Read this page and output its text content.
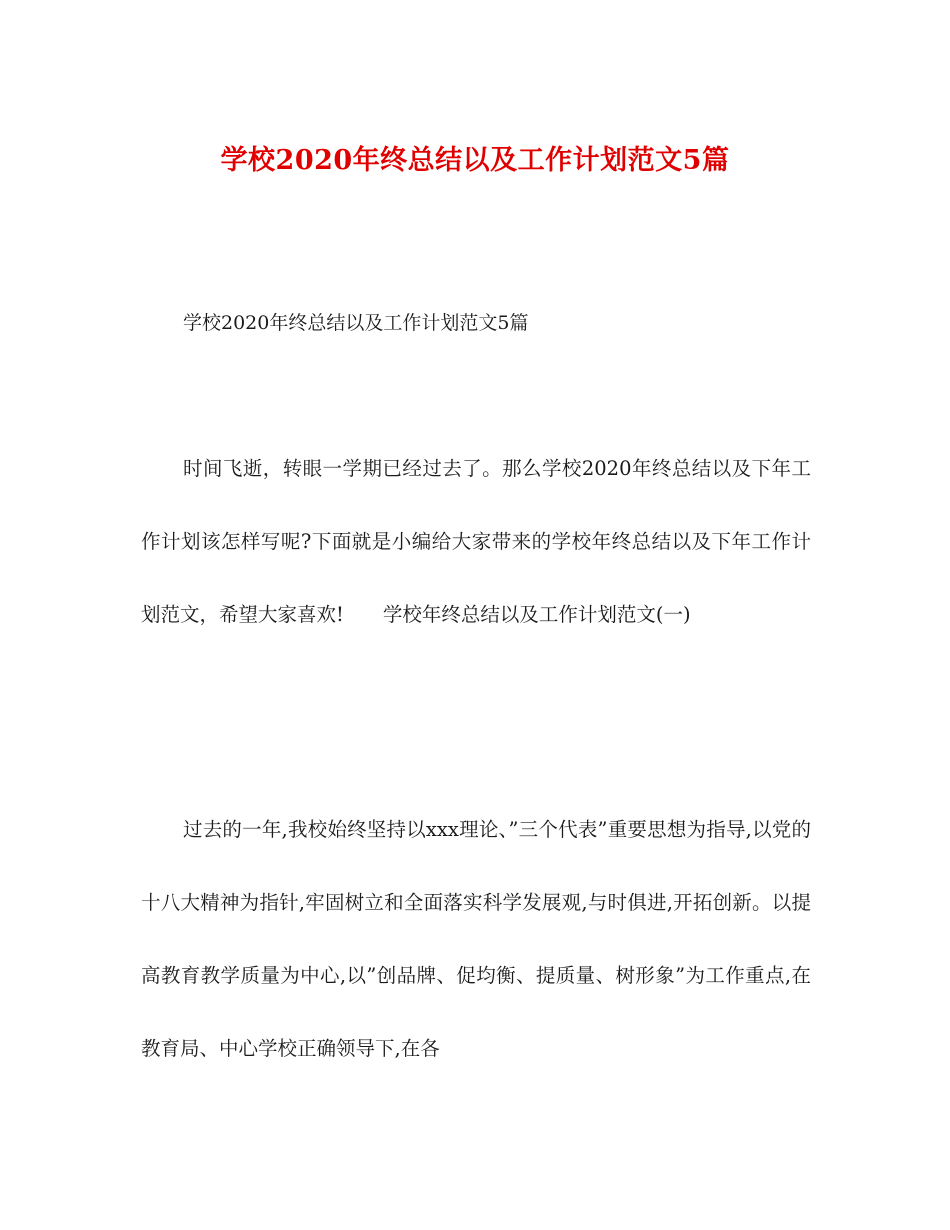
学校2020年终总结以及工作计划范文5篇
学校2020年终总结以及工作计划范文5篇

时间飞逝，转眼一学期已经过去了。那么学校2020年终总结以及下年工作计划该怎样写呢?下面就是小编给大家带来的学校年终总结以及下年工作计划范文，希望大家喜欢!　　学校年终总结以及工作计划范文(一)

过去的一年,我校始终坚持以xxx理论、”三个代表”重要思想为指导,以党的十八大精神为指针,牢固树立和全面落实科学发展观,与时俱进,开拓创新。以提高教育教学质量为中心,以”创品牌、促均衡、提质量、树形象”为工作重点,在教育局、中心学校正确领导下,在各
